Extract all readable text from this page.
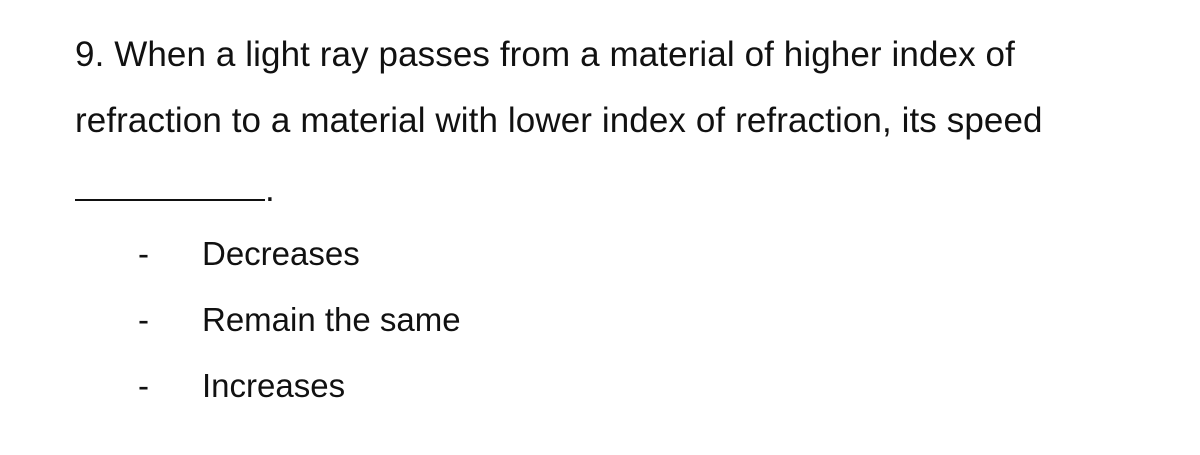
9. When a light ray passes from a material of higher index of
refraction to a material with lower index of refraction, its speed
.
- Decreases
- Remain the same
- Increases
